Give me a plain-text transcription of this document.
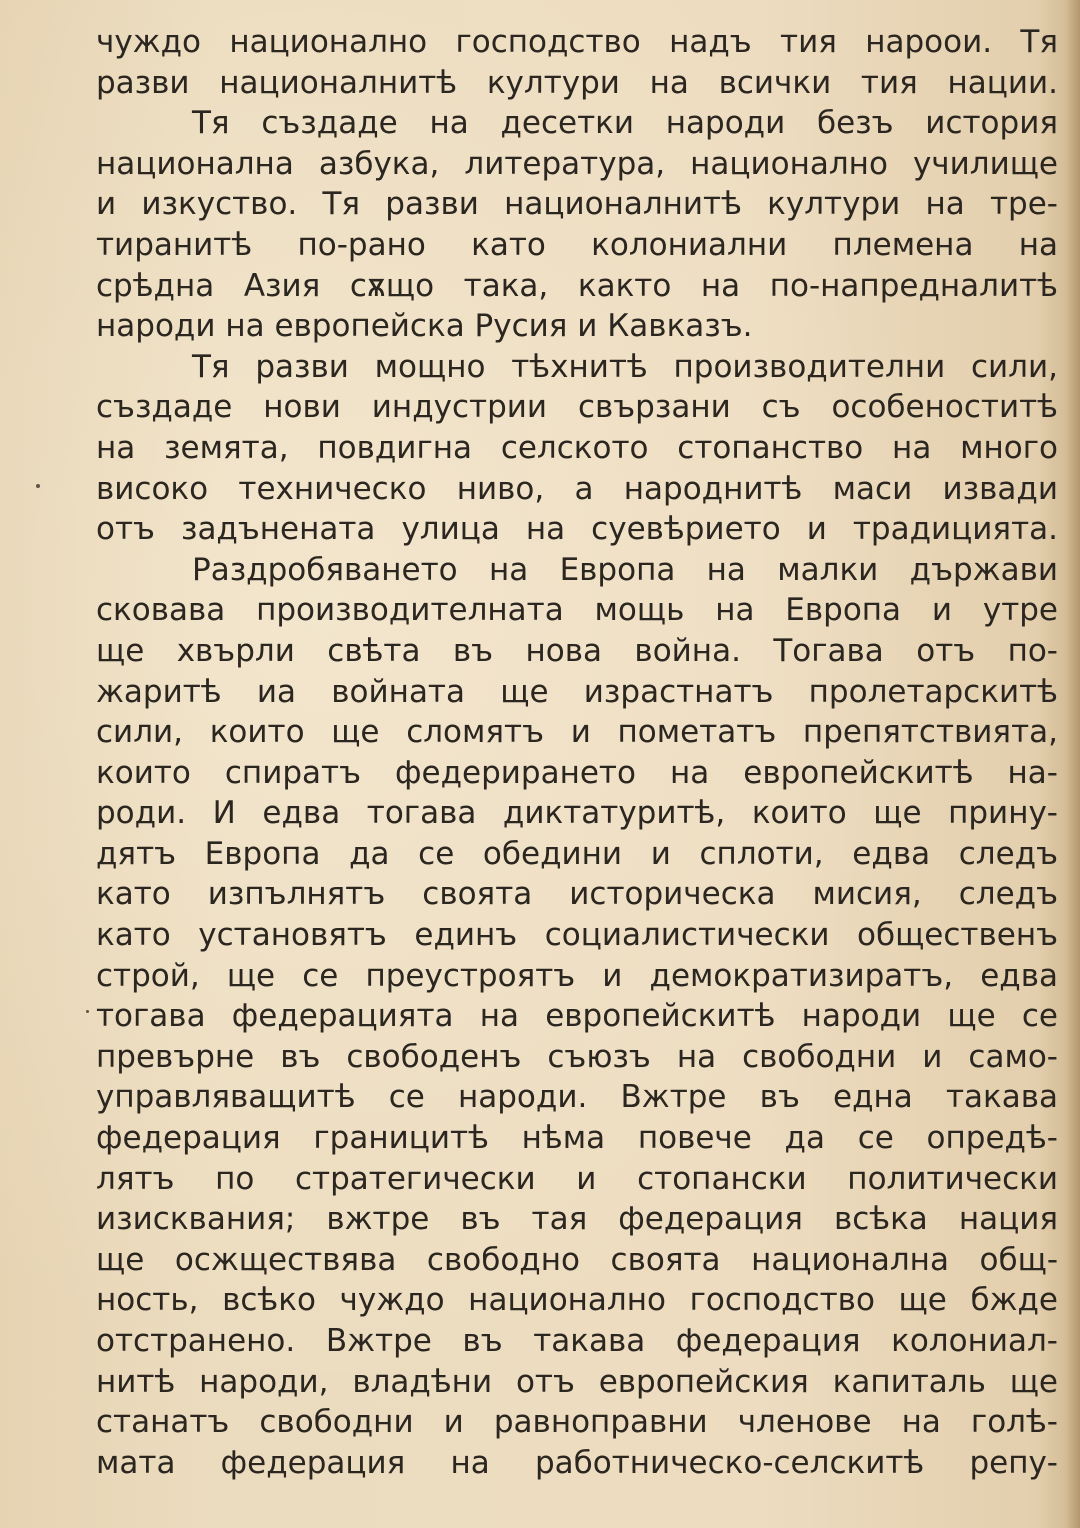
чуждо национално господство надъ тия нароои. Тя
разви националнитѣ култури на всички тия нации.
Тя създаде на десетки народи безъ история
национална азбука, литература, национално училище
и изкуство. Тя разви националнитѣ култури на тре-
тиранитѣ по-рано като колониални племена на
срѣдна Азия сѫщо така, както на по-напредналитѣ
народи на европейска Русия и Кавказъ.
Тя разви мощно тѣхнитѣ производителни сили,
създаде нови индустрии свързани съ особеноститѣ
на земята, повдигна селското стопанство на много
високо техническо ниво, а народнитѣ маси извади
отъ задънената улица на суевѣрието и традицията.
Раздробяването на Европа на малки държави
сковава производителната мощь на Европа и утре
ще хвърли свѣта въ нова война. Тогава отъ по-
жаритѣ иа войната ще израстнатъ пролетарскитѣ
сили, които ще сломятъ и пометатъ препятствията,
които спиратъ федерирането на европейскитѣ на-
роди. И едва тогава диктатуритѣ, които ще прину-
дятъ Европа да се обедини и сплоти, едва следъ
като изпълнятъ своята историческа мисия, следъ
като установятъ единъ социалистически общественъ
строй, ще се преустроятъ и демократизиратъ, едва
тогава федерацията на европейскитѣ народи ще се
превърне въ свободенъ съюзъ на свободни и само-
управляващитѣ се народи. Вжтре въ една такава
федерация границитѣ нѣма повече да се опредѣ-
лятъ по стратегически и стопански политически
изисквания; вжтре въ тая федерация всѣка нация
ще осжществява свободно своята национална общ-
ность, всѣко чуждо национално господство ще бжде
отстранено. Вжтре въ такава федерация колониал-
нитѣ народи, владѣни отъ европейския капиталь ще
станатъ свободни и равноправни членове на голѣ-
мата федерация на работническо-селскитѣ репу-
